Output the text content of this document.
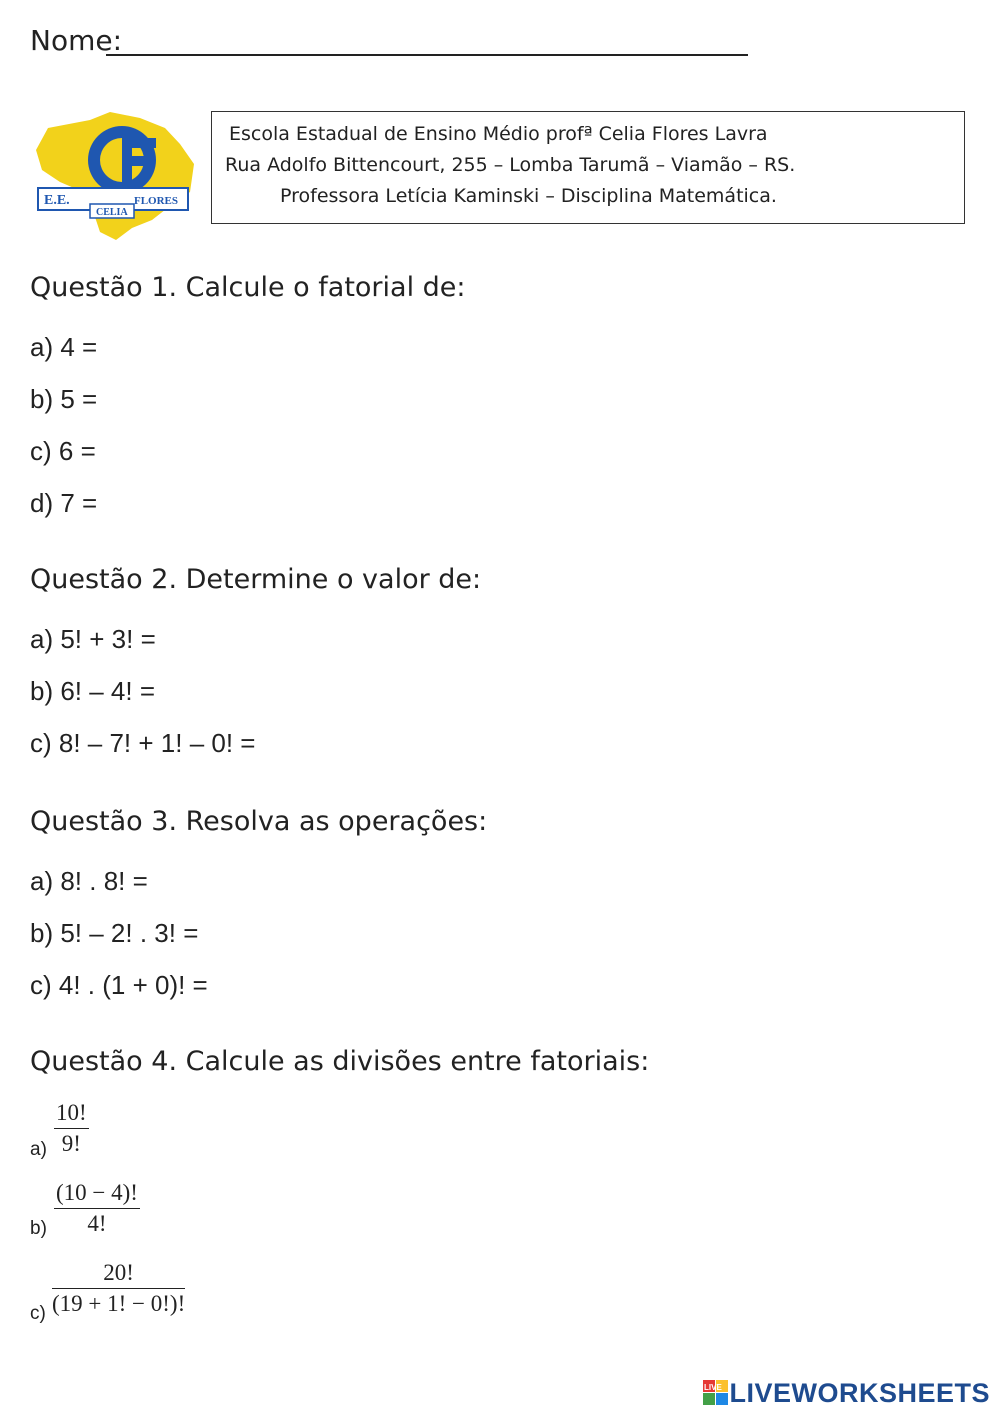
Nome:
E.E.	FLORES
CELIA
Escola Estadual de Ensino Médio profª Celia Flores Lavra
Rua Adolfo Bittencourt, 255 – Lomba Tarumã – Viamão – RS.
Professora Letícia Kaminski – Disciplina Matemática.
Questão 1. Calcule o fatorial de:
a) 4 =
b) 5 =
c) 6 =
d) 7 =
Questão 2. Determine o valor de:
a) 5! + 3! =
b) 6! – 4! =
c) 8! – 7! + 1! – 0! =
Questão 3. Resolva as operações:
a) 8! . 8! =
b) 5! – 2! . 3! =
c) 4! . (1 + 0)! =
Questão 4. Calcule as divisões entre fatoriais:
$a) \frac{10!}{9!}$
$b) \frac{(10 - 4)!}{4!}$
$c) \frac{20!}{(19 + 1! - 0!)!}$
LIVE LIVEWORKSHEETS
